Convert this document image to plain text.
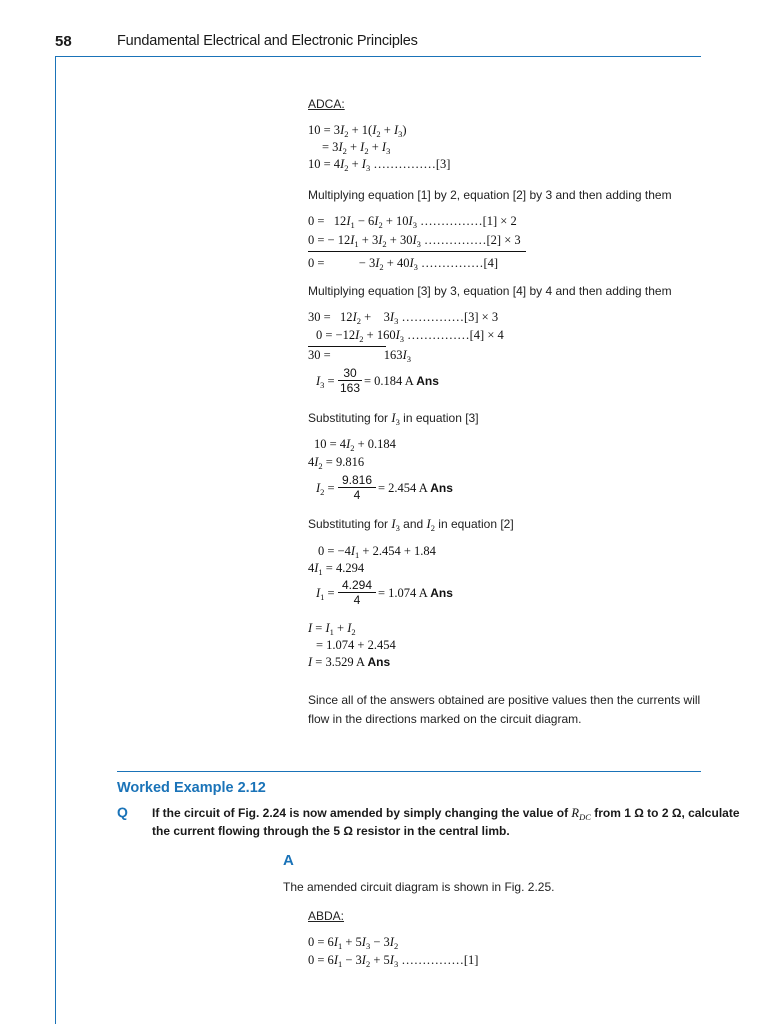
58	Fundamental Electrical and Electronic Principles
ADCA:
$10 = 3I_2 + 1(I_2 + I_3)$
= $3I_2 + I_2 + I_3$
$10 = 4I_2 + I_3$ ……………[3]
Multiplying equation [1] by 2, equation [2] by 3 and then adding them
$0 = 12I_1 - 6I_2 + 10I_3$ ……………[1] × 2
0 = − $12I_1 + 3I_2 + 30I_3$ ……………[2] × 3
0 =           − $3I_2 + 40I_3$ ……………[4]
Multiplying equation [3] by 3, equation [4] by 4 and then adding them
$30 = 12I_2$ +    $3I_3$ ……………[3] × 3
$0 = -12I_2 + 160I_3$ ……………[4] × 4
30 =                 $163I_3$
$I_3$ =
30
163 = 0.184 A Ans
Substituting for $I_3$ in equation [3]
$10 = 4I_2 + 0.184$
$4I_2 = 9.816$
$I_2$ =
9.816
4	= 2.454 A Ans
Substituting for $I_3$ and $I_2$ in equation [2]
$0 = -4I_1 + 2.454 + 1.84$
$4I_1 = 4.294$
$I_1$ =
4.294
4	= 1.074 A Ans
$I = I_1 + I_2$
= 1.074 + 2.454
I = 3.529 A Ans
Since all of the answers obtained are positive values then the currents will
flow in the directions marked on the circuit diagram.
Worked Example 2.12
Q If the circuit of Fig. 2.24 is now amended by simply changing the value of $R_{DC}$ from 1 Ω to 2 Ω, calculate
the current flowing through the 5 Ω resistor in the central limb.
A
The amended circuit diagram is shown in Fig. 2.25.
ABDA:
$0 = 6I_1 + 5I_3 - 3I_2$
$0 = 6I_1 - 3I_2 + 5I_3$ ……………[1]
